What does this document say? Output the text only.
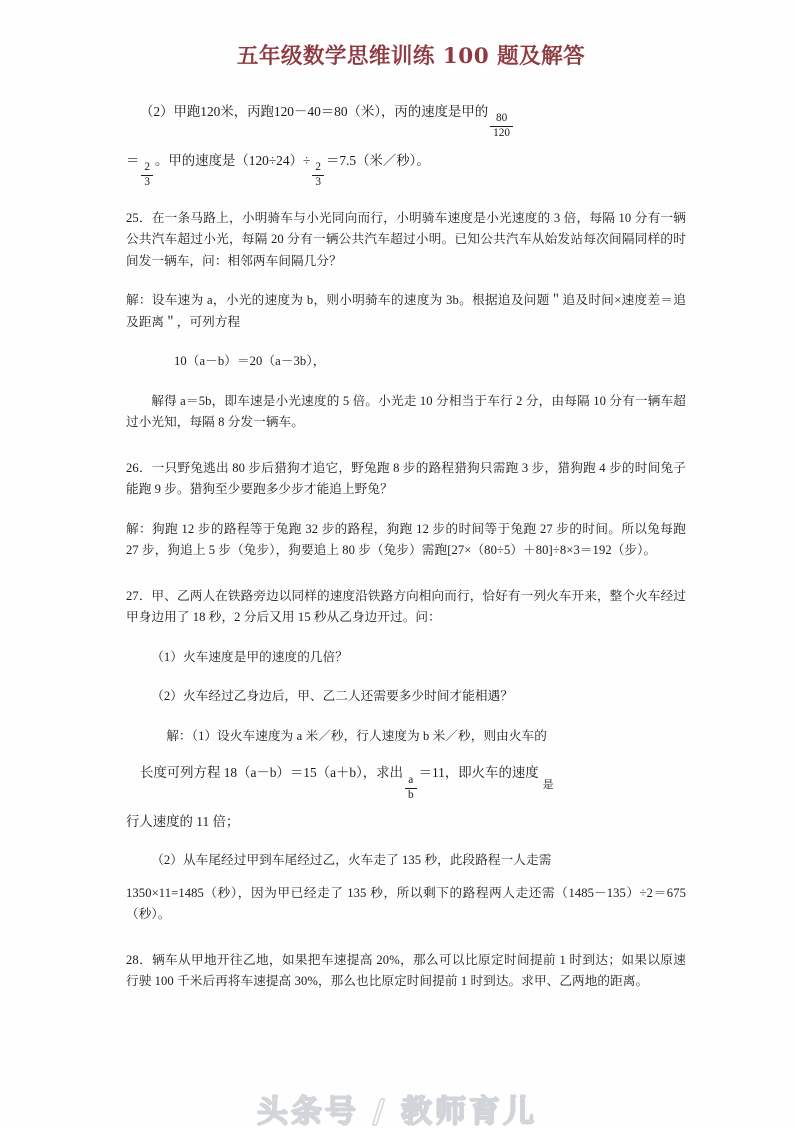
五年级数学思维训练 100 题及解答
（2）甲跑120米，丙跑120－40＝80（米），丙的速度是甲的
$\frac{80}{120}$
＝
$\frac{2}{3}$
。甲的速度是（120÷24）÷
$\frac{2}{3}$
＝7.5（米／秒）。

25．在一条马路上，小明骑车与小光同向而行，小明骑车速度是小光速度的 3 倍，每隔 10 分有一辆公共汽车超过小光，每隔 20 分有一辆公共汽车超过小明。已知公共汽车从始发站每次间隔同样的时间发一辆车，问：相邻两车间隔几分？

解：设车速为 a，小光的速度为 b，则小明骑车的速度为 3b。根据追及问题＂追及时间×速度差＝追及距离＂，可列方程

10（a－b）＝20（a－3b），

解得 a＝5b，即车速是小光速度的 5 倍。小光走 10 分相当于车行 2 分，由每隔 10 分有一辆车超过小光知，每隔 8 分发一辆车。

26．一只野兔逃出 80 步后猎狗才追它，野兔跑 8 步的路程猎狗只需跑 3 步，猎狗跑 4 步的时间兔子能跑 9 步。猎狗至少要跑多少步才能追上野兔？

解：狗跑 12 步的路程等于兔跑 32 步的路程，狗跑 12 步的时间等于兔跑 27 步的时间。所以兔每跑 27 步，狗追上 5 步（兔步），狗要追上 80 步（兔步）需跑[27×（80÷5）＋80]÷8×3＝192（步）。

27．甲、乙两人在铁路旁边以同样的速度沿铁路方向相向而行，恰好有一列火车开来，整个火车经过甲身边用了 18 秒，2 分后又用 15 秒从乙身边开过。问：

（1）火车速度是甲的速度的几倍？

（2）火车经过乙身边后，甲、乙二人还需要多少时间才能相遇？

解：（1）设火车速度为 a 米／秒，行人速度为 b 米／秒，则由火车的

长度可列方程 18（a－b）＝15（a＋b），求出
$\frac{a}{b}$
＝11，即火车的速度是
行人速度的 11 倍；

（2）从车尾经过甲到车尾经过乙，火车走了 135 秒，此段路程一人走需

1350×11=1485（秒），因为甲已经走了 135 秒，所以剩下的路程两人走还需（1485－135）÷2＝675（秒）。

28．辆车从甲地开往乙地，如果把车速提高 20%，那么可以比原定时间提前 1 时到达；如果以原速行驶 100 千米后再将车速提高 30%，那么也比原定时间提前 1 时到达。求甲、乙两地的距离。

头条号 / 教师育儿
